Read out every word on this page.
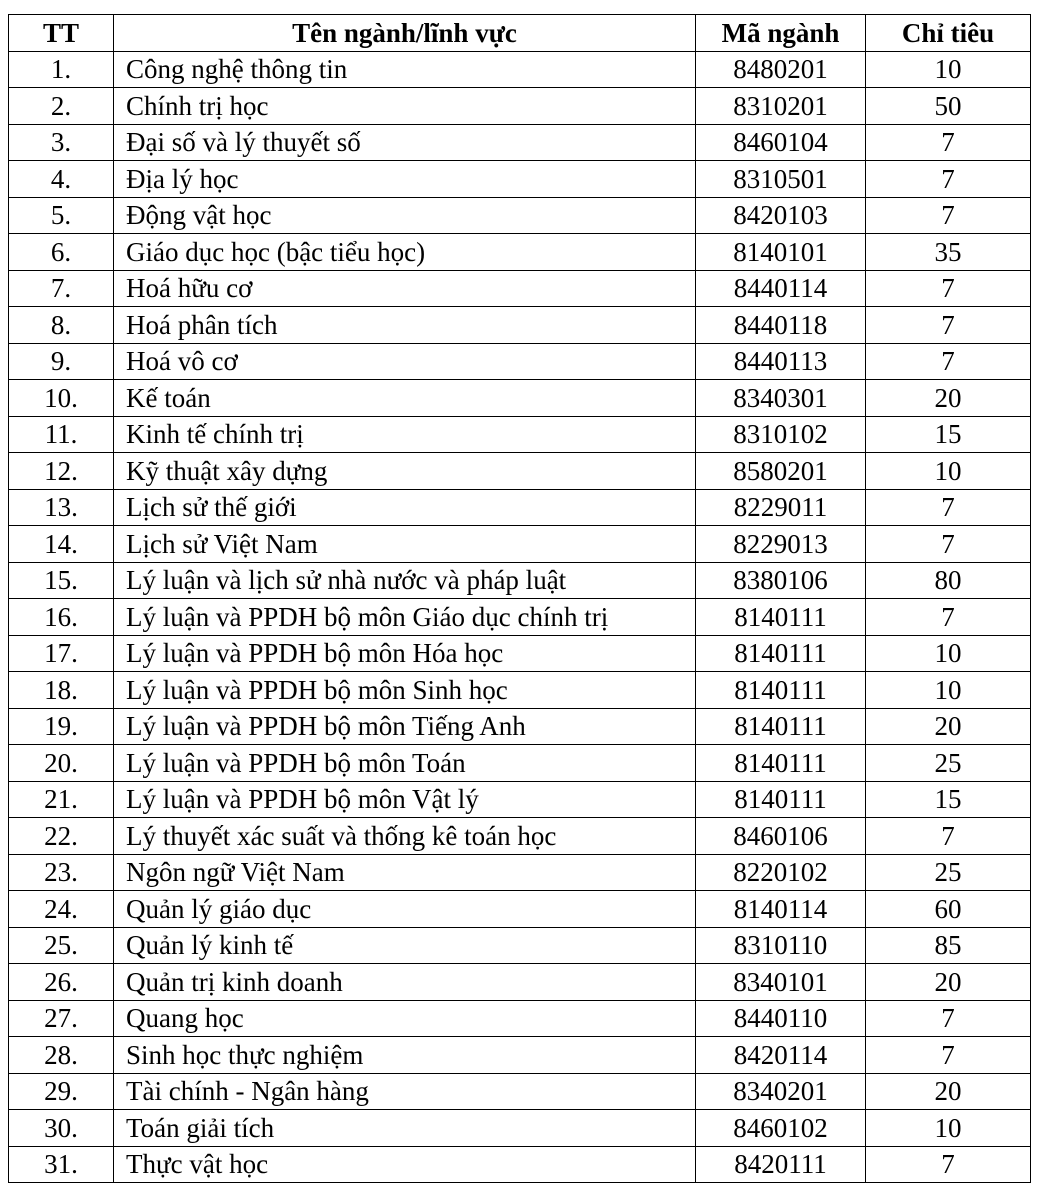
TT	Tên ngành/lĩnh vực	Mã ngành	Chỉ tiêu
1.	Công nghệ thông tin	8480201	10
2.	Chính trị học	8310201	50
3.	Đại số và lý thuyết số	8460104	7
4.	Địa lý học	8310501	7
5.	Động vật học	8420103	7
6.	Giáo dục học (bậc tiểu học)	8140101	35
7.	Hoá hữu cơ	8440114	7
8.	Hoá phân tích	8440118	7
9.	Hoá vô cơ	8440113	7
10.	Kế toán	8340301	20
11.	Kinh tế chính trị	8310102	15
12.	Kỹ thuật xây dựng	8580201	10
13.	Lịch sử thế giới	8229011	7
14.	Lịch sử Việt Nam	8229013	7
15.	Lý luận và lịch sử nhà nước và pháp luật	8380106	80
16.	Lý luận và PPDH bộ môn Giáo dục chính trị	8140111	7
17.	Lý luận và PPDH bộ môn Hóa học	8140111	10
18.	Lý luận và PPDH bộ môn Sinh học	8140111	10
19.	Lý luận và PPDH bộ môn Tiếng Anh	8140111	20
20.	Lý luận và PPDH bộ môn Toán	8140111	25
21.	Lý luận và PPDH bộ môn Vật lý	8140111	15
22.	Lý thuyết xác suất và thống kê toán học	8460106	7
23.	Ngôn ngữ Việt Nam	8220102	25
24.	Quản lý giáo dục	8140114	60
25.	Quản lý kinh tế	8310110	85
26.	Quản trị kinh doanh	8340101	20
27.	Quang học	8440110	7
28.	Sinh học thực nghiệm	8420114	7
29.	Tài chính - Ngân hàng	8340201	20
30.	Toán giải tích	8460102	10
31.	Thực vật học	8420111	7
